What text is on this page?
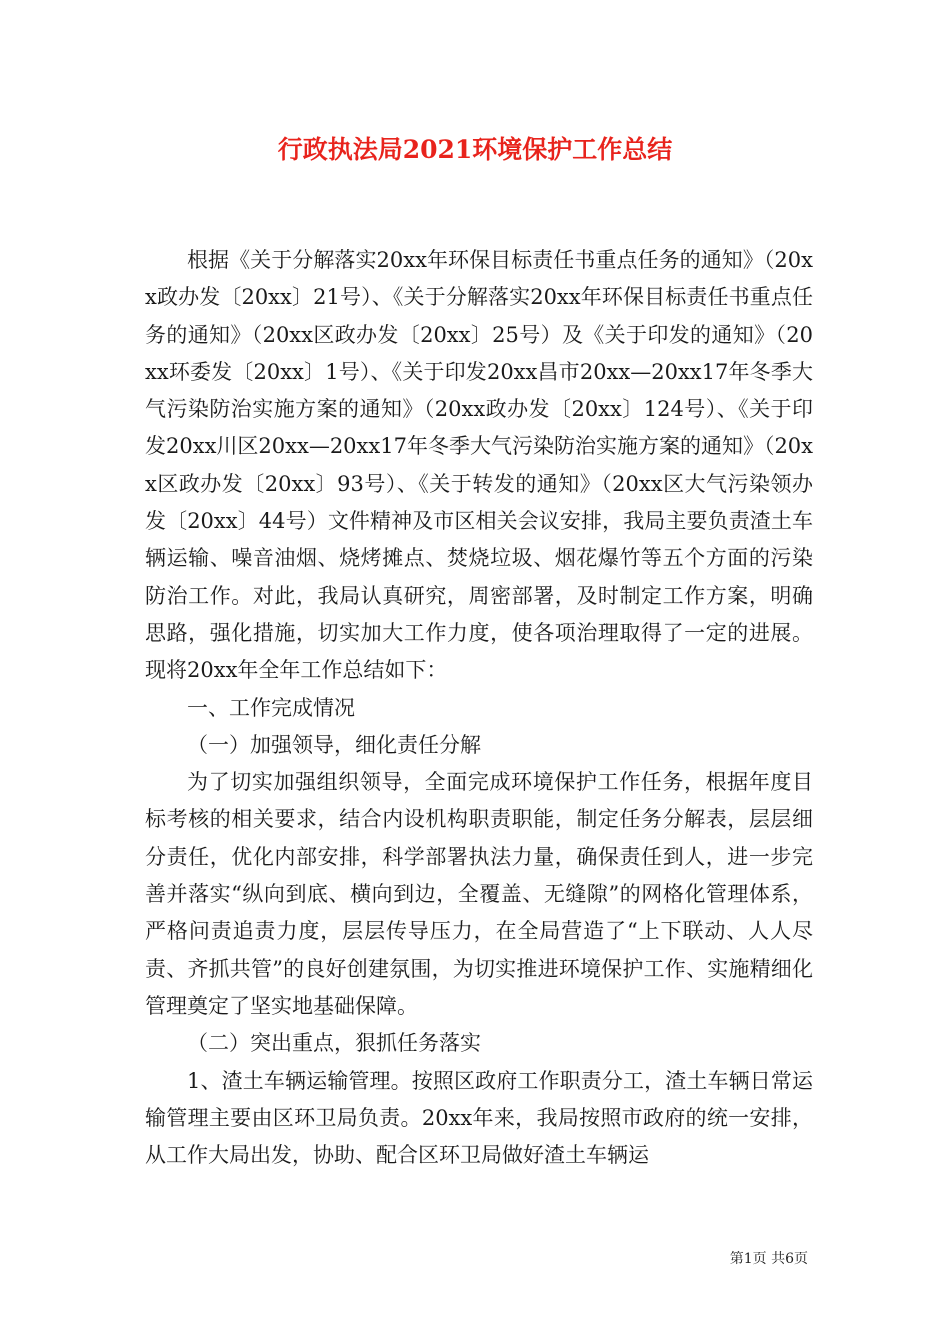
行政执法局2021环境保护工作总结

根据《关于分解落实20xx年环保目标责任书重点任务的通知》（20xx政办发〔20xx〕21号）、《关于分解落实20xx年环保目标责任书重点任务的通知》（20xx区政办发〔20xx〕25号）及《关于印发的通知》（20xx环委发〔20xx〕1号）、《关于印发20xx昌市20xx—20xx17年冬季大气污染防治实施方案的通知》（20xx政办发〔20xx〕124号）、《关于印发20xx川区20xx—20xx17年冬季大气污染防治实施方案的通知》（20xx区政办发〔20xx〕93号）、《关于转发的通知》（20xx区大气污染领办发〔20xx〕44号）文件精神及市区相关会议安排，我局主要负责渣土车辆运输、噪音油烟、烧烤摊点、焚烧垃圾、烟花爆竹等五个方面的污染防治工作。对此，我局认真研究，周密部署，及时制定工作方案，明确思路，强化措施，切实加大工作力度，使各项治理取得了一定的进展。现将20xx年全年工作总结如下：

一、工作完成情况

（一）加强领导，细化责任分解

为了切实加强组织领导，全面完成环境保护工作任务，根据年度目标考核的相关要求，结合内设机构职责职能，制定任务分解表，层层细分责任，优化内部安排，科学部署执法力量，确保责任到人，进一步完善并落实“纵向到底、横向到边，全覆盖、无缝隙”的网格化管理体系，严格问责追责力度，层层传导压力，在全局营造了“上下联动、人人尽责、齐抓共管”的良好创建氛围，为切实推进环境保护工作、实施精细化管理奠定了坚实地基础保障。

（二）突出重点，狠抓任务落实

1、渣土车辆运输管理。按照区政府工作职责分工，渣土车辆日常运输管理主要由区环卫局负责。20xx年来，我局按照市政府的统一安排，从工作大局出发，协助、配合区环卫局做好渣土车辆运

第1页 共6页
